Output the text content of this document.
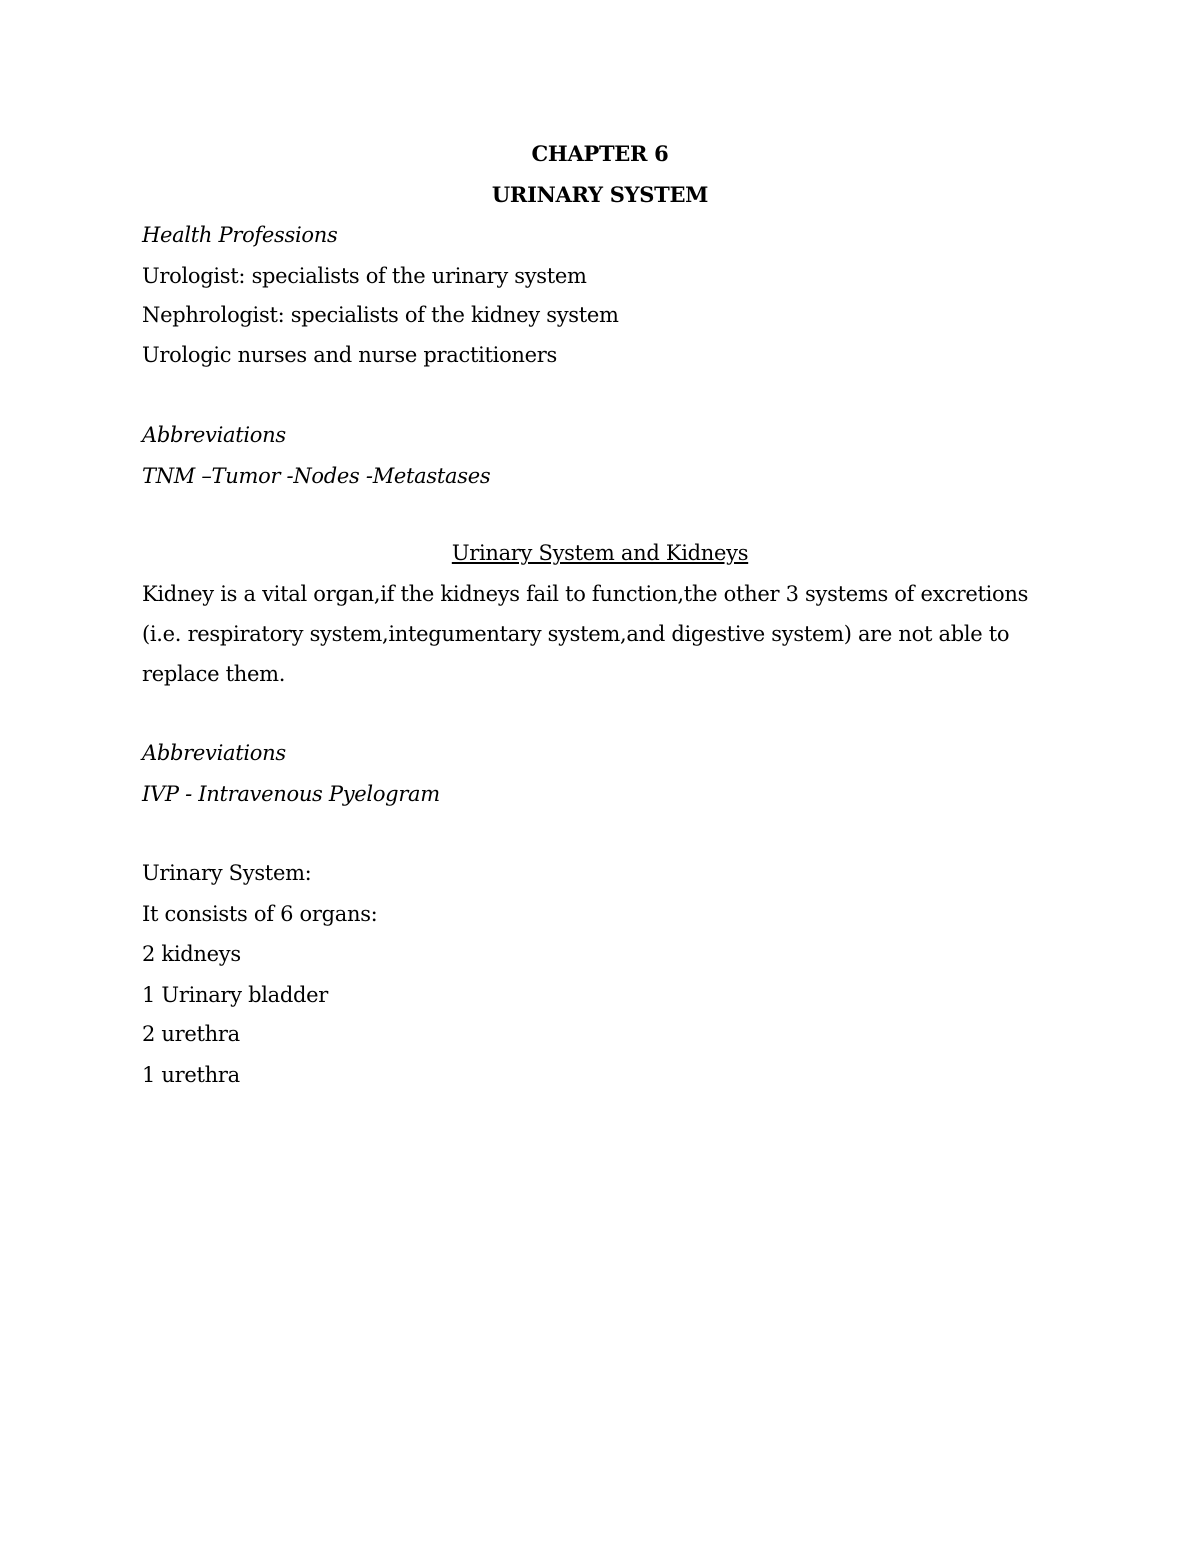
CHAPTER 6
URINARY SYSTEM
Health Professions
Urologist: specialists of the urinary system
Nephrologist: specialists of the kidney system
Urologic nurses and nurse practitioners
Abbreviations
TNM –Tumor -Nodes -Metastases
Urinary System and Kidneys
Kidney is a vital organ,if the kidneys fail to function,the other 3 systems of excretions
(i.e. respiratory system,integumentary system,and digestive system) are not able to
replace them.
Abbreviations
IVP - Intravenous Pyelogram
Urinary System:
It consists of 6 organs:
2 kidneys
1 Urinary bladder
2 urethra
1 urethra
